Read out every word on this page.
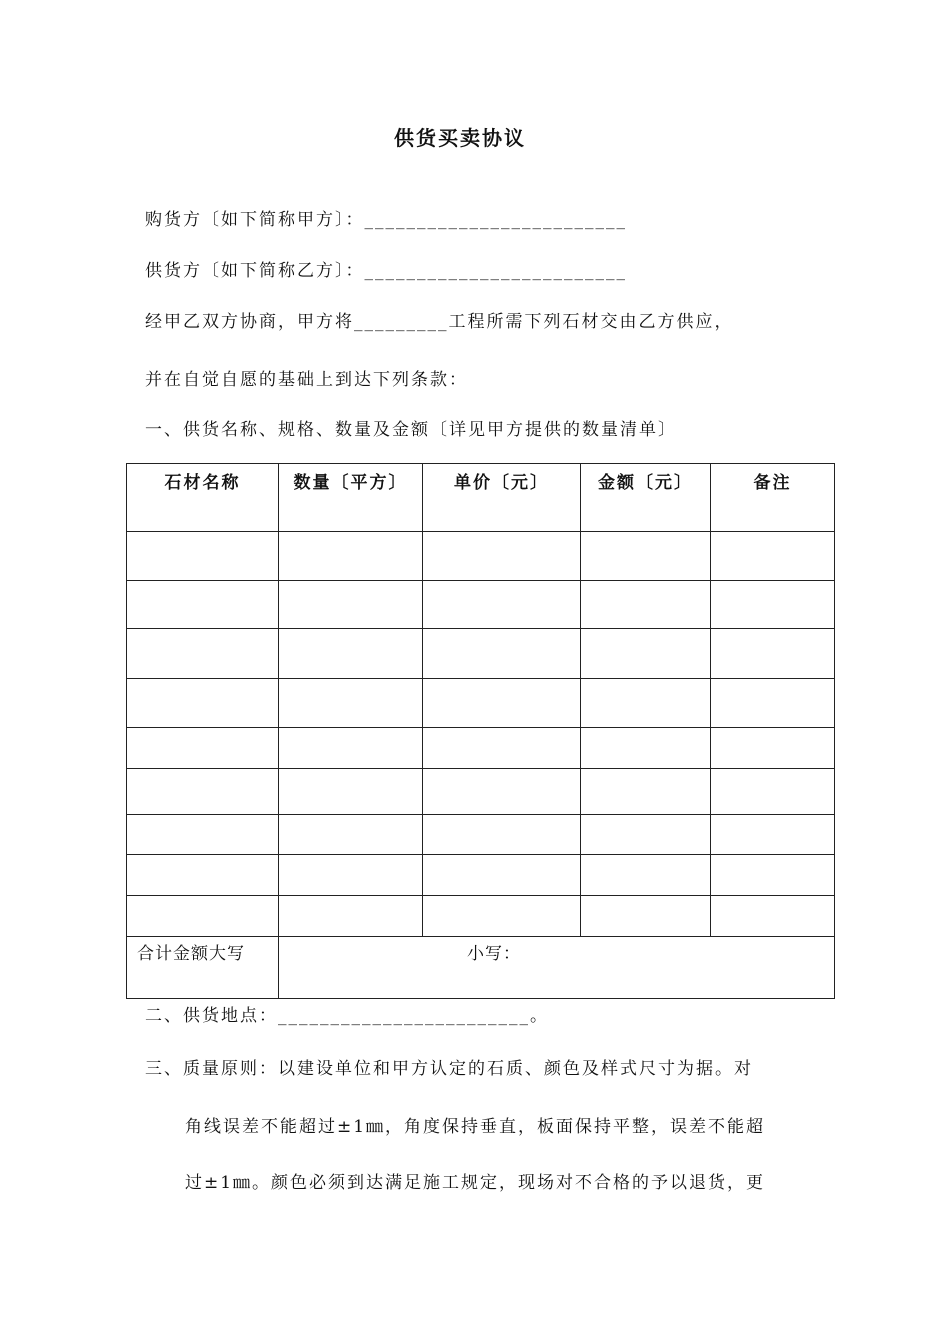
供货买卖协议
购货方〔如下简称甲方〕：_________________________
供货方〔如下简称乙方〕：_________________________
经甲乙双方协商，甲方将_________工程所需下列石材交由乙方供应，
并在自觉自愿的基础上到达下列条款：
一、供货名称、规格、数量及金额〔详见甲方提供的数量清单〕
石材名称	数量〔平方〕	单价〔元〕	金额〔元〕	备注

合计金额大写	小写：			
二、供货地点：________________________。
三、质量原则：以建设单位和甲方认定的石质、颜色及样式尺寸为据。对
角线误差不能超过±1㎜，角度保持垂直，板面保持平整，误差不能超
过±1㎜。颜色必须到达满足施工规定，现场对不合格的予以退货，更
